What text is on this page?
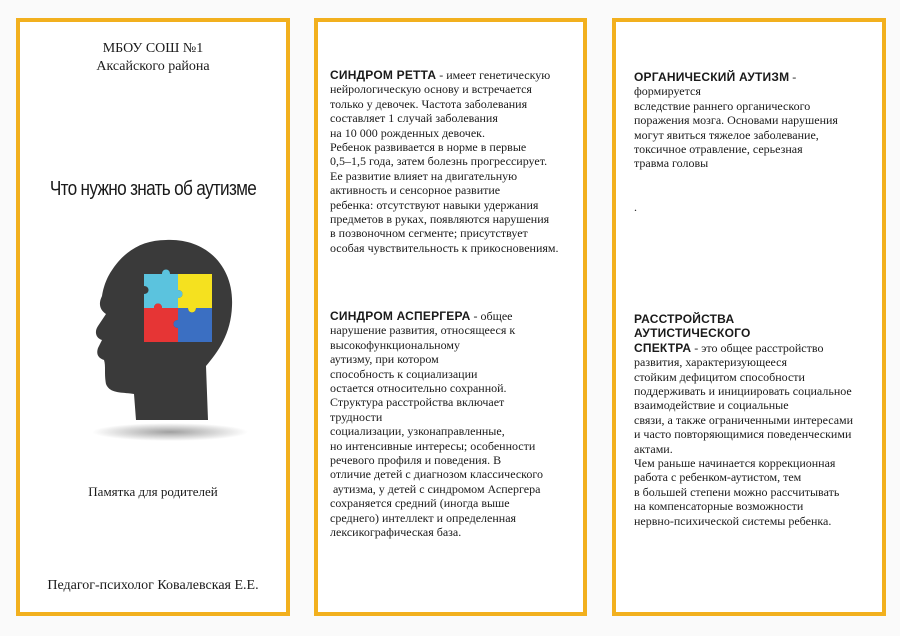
МБОУ СОШ №1
Аксайского района
Что нужно знать об аутизме
Памятка для родителей
Педагог-психолог Ковалевская Е.Е.
СИНДРОМ РЕТТА - имеет генетическую
нейрологическую основу и встречается
только у девочек. Частота заболевания
составляет 1 случай заболевания
на 10 000 рожденных девочек.
Ребенок развивается в норме в первые
0,5–1,5 года, затем болезнь прогрессирует.
Ее развитие влияет на двигательную
активность и сенсорное развитие
ребенка: отсутствуют навыки удержания
предметов в руках, появляются нарушения
в позвоночном сегменте; присутствует
особая чувствительность к прикосновениям.
СИНДРОМ АСПЕРГЕРА - общее
нарушение развития, относящееся к
высокофункциональному
аутизму, при котором
способность к социализации
остается относительно сохранной.
Структура расстройства включает
трудности
социализации, узконаправленные,
но интенсивные интересы; особенности
речевого профиля и поведения. В
отличие детей с диагнозом классического
аутизма, у детей с синдромом Аспергера
сохраняется средний (иногда выше
среднего) интеллект и определенная
лексикографическая база.
ОРГАНИЧЕСКИЙ АУТИЗМ -
формируется
вследствие раннего органического
поражения мозга. Основами нарушения
могут явиться тяжелое заболевание,
токсичное отравление, серьезная
травма головы
.
РАССТРОЙСТВА
АУТИСТИЧЕСКОГО
СПЕКТРА - это общее расстройство
развития, характеризующееся
стойким дефицитом способности
поддерживать и инициировать социальное
взаимодействие и социальные
связи, а также ограниченными интересами
и часто повторяющимися поведенческими
актами.
Чем раньше начинается коррекционная
работа с ребенком-аутистом, тем
в большей степени можно рассчитывать
на компенсаторные возможности
нервно-психической системы ребенка.
